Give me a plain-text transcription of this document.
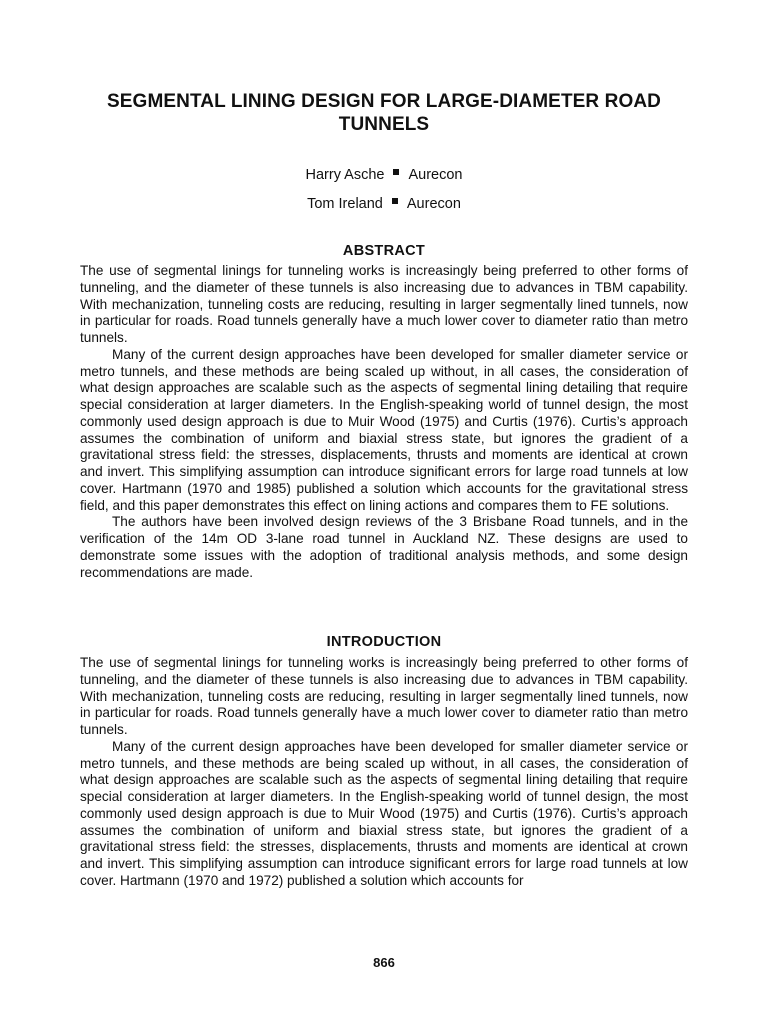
SEGMENTAL LINING DESIGN FOR LARGE-DIAMETER ROAD TUNNELS
Harry Asche Aurecon
Tom Ireland Aurecon
ABSTRACT

The use of segmental linings for tunneling works is increasingly being preferred to other forms of tunneling, and the diameter of these tunnels is also increasing due to advances in TBM capability. With mechanization, tunneling costs are reducing, resulting in larger segmentally lined tunnels, now in particular for roads. Road tunnels generally have a much lower cover to diameter ratio than metro tunnels.

Many of the current design approaches have been developed for smaller diameter service or metro tunnels, and these methods are being scaled up without, in all cases, the consideration of what design approaches are scalable such as the aspects of segmental lining detailing that require special consideration at larger diameters. In the English-speaking world of tunnel design, the most commonly used design approach is due to Muir Wood (1975) and Curtis (1976). Curtis’s approach assumes the combination of uniform and biaxial stress state, but ignores the gradient of a gravitational stress field: the stresses, displacements, thrusts and moments are identical at crown and invert. This simplifying assumption can introduce significant errors for large road tunnels at low cover. Hartmann (1970 and 1985) published a solution which accounts for the gravitational stress field, and this paper demonstrates this effect on lining actions and compares them to FE solutions.

The authors have been involved design reviews of the 3 Brisbane Road tunnels, and in the verification of the 14m OD 3-lane road tunnel in Auckland NZ. These designs are used to demonstrate some issues with the adoption of traditional analysis methods, and some design recommendations are made.

INTRODUCTION

The use of segmental linings for tunneling works is increasingly being preferred to other forms of tunneling, and the diameter of these tunnels is also increasing due to advances in TBM capability. With mechanization, tunneling costs are reducing, resulting in larger segmentally lined tunnels, now in particular for roads. Road tunnels generally have a much lower cover to diameter ratio than metro tunnels.

Many of the current design approaches have been developed for smaller diameter service or metro tunnels, and these methods are being scaled up without, in all cases, the consideration of what design approaches are scalable such as the aspects of segmental lining detailing that require special consideration at larger diameters. In the English-speaking world of tunnel design, the most commonly used design approach is due to Muir Wood (1975) and Curtis (1976). Curtis’s approach assumes the combination of uniform and biaxial stress state, but ignores the gradient of a gravitational stress field: the stresses, displacements, thrusts and moments are identical at crown and invert. This simplifying assumption can introduce significant errors for large road tunnels at low cover. Hartmann (1970 and 1972) published a solution which accounts for

866
